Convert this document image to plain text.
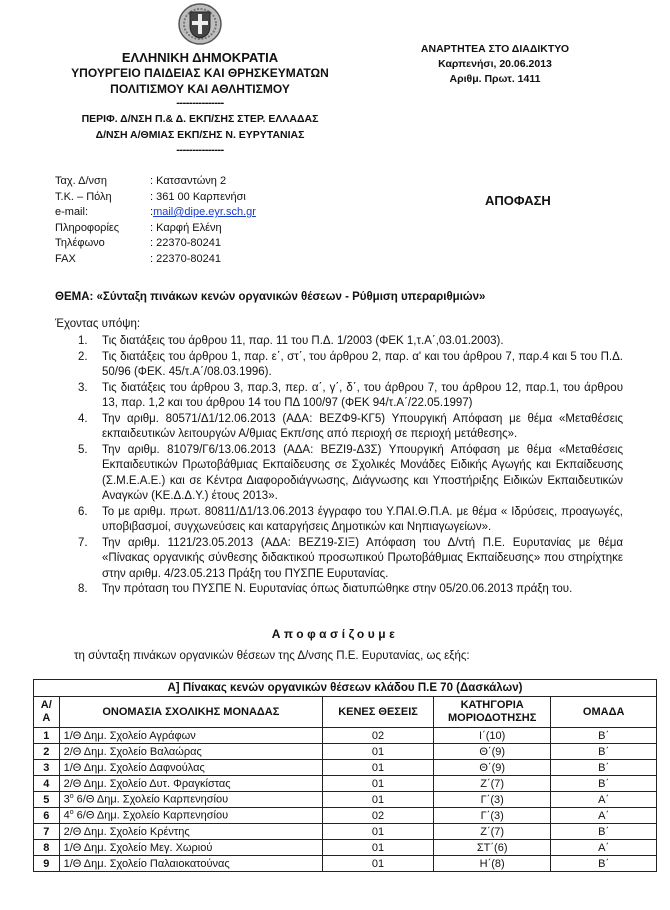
ΕΛΛΗΝΙΚΗ ΔΗΜΟΚΡΑΤΙΑ
ΥΠΟΥΡΓΕΙΟ ΠΑΙΔΕΙΑΣ ΚΑΙ ΘΡΗΣΚΕΥΜΑΤΩΝ
ΠΟΛΙΤΙΣΜΟΥ ΚΑΙ ΑΘΛΗΤΙΣΜΟΥ
---------------
ΠΕΡΙΦ. Δ/ΝΣΗ Π.& Δ. ΕΚΠ/ΣΗΣ ΣΤΕΡ. ΕΛΛΑΔΑΣ
Δ/ΝΣΗ Α/ΘΜΙΑΣ ΕΚΠ/ΣΗΣ Ν. ΕΥΡΥΤΑΝΙΑΣ
---------------
ΑΝΑΡΤΗΤΕΑ ΣΤΟ ΔΙΑΔΙΚΤΥΟ
Καρπενήσι, 20.06.2013
Αριθμ. Πρωτ. 1411
ΑΠΟΦΑΣΗ
Ταχ. Δ/νση	: Κατσαντώνη 2
Τ.Κ. – Πόλη	: 361 00 Καρπενήσι
e-mail:	: mail@dipe.eyr.sch.gr
Πληροφορίες	: Καρφή Ελένη
Τηλέφωνο	: 22370-80241
FAX	: 22370-80241
ΘΕΜΑ: «Σύνταξη πινάκων κενών οργανικών θέσεων - Ρύθμιση υπεραριθμιών»
Έχοντας υπόψη:
1.	Τις διατάξεις του άρθρου 11, παρ. 11 του Π.Δ. 1/2003 (ΦΕΚ 1,τ.Α΄,03.01.2003).
2.	Τις διατάξεις του άρθρου 1, παρ. ε΄, στ΄, του άρθρου 2, παρ. α' και του άρθρου 7, παρ.4 και 5 του Π.Δ. 50/96 (ΦΕΚ. 45/τ.Α΄/08.03.1996).
3.	Τις διατάξεις του άρθρου 3, παρ.3, περ. α΄, γ΄, δ΄, του άρθρου 7, του άρθρου 12, παρ.1, του άρθρου 13, παρ. 1,2 και του άρθρου 14 του ΠΔ 100/97 (ΦΕΚ 94/τ.Α΄/22.05.1997)
4.	Την αριθμ. 80571/Δ1/12.06.2013 (ΑΔΑ: ΒΕΖΦ9-ΚΓ5) Υπουργική Απόφαση με θέμα «Μεταθέσεις εκπαιδευτικών λειτουργών Α/θμιας Εκπ/σης από περιοχή σε περιοχή μετάθεσης».
5.	Την αριθμ. 81079/Γ6/13.06.2013 (ΑΔΑ: ΒΕΖΙ9-Δ3Σ) Υπουργική Απόφαση με θέμα «Μεταθέσεις Εκπαιδευτικών Πρωτοβάθμιας Εκπαίδευσης σε Σχολικές Μονάδες Ειδικής Αγωγής και Εκπαίδευσης (Σ.Μ.Ε.Α.Ε.) και σε Κέντρα Διαφοροδιάγνωσης, Διάγνωσης και Υποστήριξης Ειδικών Εκπαιδευτικών Αναγκών (ΚΕ.Δ.Δ.Υ.) έτους 2013».
6.	Το με αριθμ. πρωτ. 80811/Δ1/13.06.2013 έγγραφο του Υ.ΠΑΙ.Θ.Π.Α. με θέμα « Ιδρύσεις, προαγωγές, υποβιβασμοί, συγχωνεύσεις και καταργήσεις Δημοτικών και Νηπιαγωγείων».
7.	Την αριθμ. 1121/23.05.2013 (ΑΔΑ: ΒΕΖ19-ΣΙΞ) Απόφαση του Δ/ντή Π.Ε. Ευρυτανίας με θέμα «Πίνακας οργανικής σύνθεσης διδακτικού προσωπικού Πρωτοβάθμιας Εκπαίδευσης» που στηρίχτηκε στην αριθμ. 4/23.05.213 Πράξη του ΠΥΣΠΕ Ευρυτανίας.
8.	Την πρόταση του ΠΥΣΠΕ Ν. Ευρυτανίας όπως διατυπώθηκε στην 05/20.06.2013 πράξη του.
Αποφασίζουμε
τη σύνταξη πινάκων οργανικών θέσεων της Δ/νσης Π.Ε. Ευρυτανίας, ως εξής:
Α] Πίνακας κενών οργανικών θέσεων κλάδου Π.Ε 70 (Δασκάλων)				
Α/Α	ΟΝΟΜΑΣΙΑ ΣΧΟΛΙΚΗΣ ΜΟΝΑΔΑΣ	ΚΕΝΕΣ ΘΕΣΕΙΣ	ΚΑΤΗΓΟΡΙΑ ΜΟΡΙΟΔΟΤΗΣΗΣ	ΟΜΑΔΑ
1	1/Θ Δημ. Σχολείο Αγράφων	02	Ι΄(10)	Β΄
2	2/Θ Δημ. Σχολείο Βαλαώρας	01	Θ΄(9)	Β΄
3	1/Θ Δημ. Σχολείο Δαφνούλας	01	Θ΄(9)	Β΄
4	2/Θ Δημ. Σχολείο Δυτ. Φραγκίστας	01	Ζ΄(7)	Β΄
5	$3^o$ 6/Θ Δημ. Σχολείο Καρπενησίου	01	Γ΄(3)	Α΄
6	$4^o$ 6/Θ Δημ. Σχολείο Καρπενησίου	02	Γ΄(3)	Α΄
7	2/Θ Δημ. Σχολείο Κρέντης	01	Ζ΄(7)	Β΄
8	1/Θ Δημ. Σχολείο Μεγ. Χωριού	01	ΣΤ΄(6)	Α΄
9	1/Θ Δημ. Σχολείο Παλαιοκατούνας	01	Η΄(8)	Β΄
